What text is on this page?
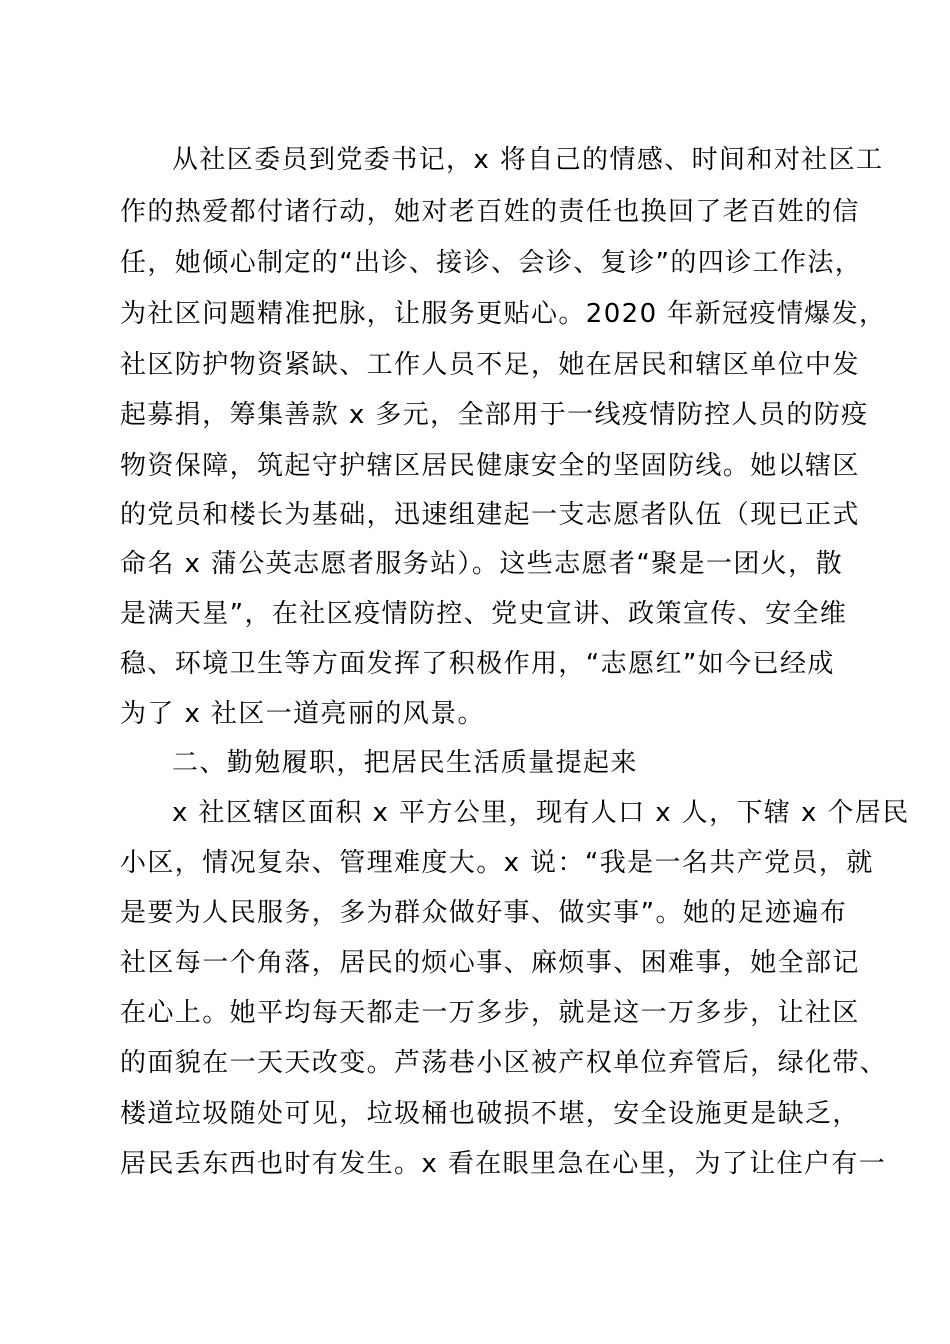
从社区委员到党委书记，x 将自己的情感、时间和对社区工
作的热爱都付诸行动，她对老百姓的责任也换回了老百姓的信
任，她倾心制定的“出诊、接诊、会诊、复诊”的四诊工作法，
为社区问题精准把脉，让服务更贴心。2020 年新冠疫情爆发，
社区防护物资紧缺、工作人员不足，她在居民和辖区单位中发
起募捐，筹集善款 x 多元，全部用于一线疫情防控人员的防疫
物资保障，筑起守护辖区居民健康安全的坚固防线。她以辖区
的党员和楼长为基础，迅速组建起一支志愿者队伍（现已正式
命名 x 蒲公英志愿者服务站）。这些志愿者“聚是一团火，散
是满天星”，在社区疫情防控、党史宣讲、政策宣传、安全维
稳、环境卫生等方面发挥了积极作用，“志愿红”如今已经成
为了 x 社区一道亮丽的风景。
二、勤勉履职，把居民生活质量提起来
x 社区辖区面积 x 平方公里，现有人口 x 人，下辖 x 个居民
小区，情况复杂、管理难度大。x 说：“我是一名共产党员，就
是要为人民服务，多为群众做好事、做实事”。她的足迹遍布
社区每一个角落，居民的烦心事、麻烦事、困难事，她全部记
在心上。她平均每天都走一万多步，就是这一万多步，让社区
的面貌在一天天改变。芦荡巷小区被产权单位弃管后，绿化带、
楼道垃圾随处可见，垃圾桶也破损不堪，安全设施更是缺乏，
居民丢东西也时有发生。x 看在眼里急在心里，为了让住户有一
